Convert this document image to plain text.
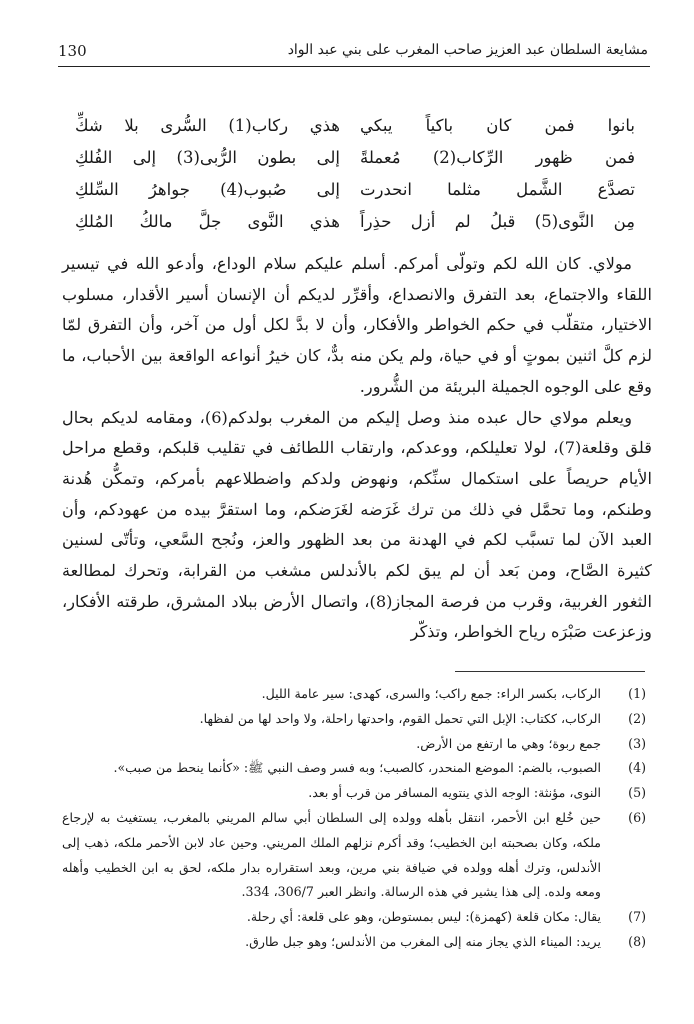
مشايعة السلطان عبد العزيز صاحب المغرب على بني عبد الواد
130
بانوا فمن كان باكياً يبكي
هذي ركاب(1) السُّرى بلا شكِّ
فمن ظهور الرِّكاب(2) مُعملةً
إلى بطون الرُّبى(3) إلى الفُلكِ
تصدَّع الشَّمل مثلما انحدرت
إلى صُبوب(4) جواهرُ السِّلكِ
مِن النَّوى(5) قبلُ لم أزل حذِراً
هذي النَّوى جلَّ مالكُ المُلكِ

مولاي. كان الله لكم وتولّى أمركم. أسلم عليكم سلام الوداع، وأدعو الله في تيسير اللقاء والاجتماع، بعد التفرق والانصداع، وأقرِّر لديكم أن الإنسان أسير الأقدار، مسلوب الاختيار، متقلّب في حكم الخواطر والأفكار، وأن لا بدَّ لكل أول من آخر، وأن التفرق لمّا لزم كلَّ اثنين بموتٍ أو في حياة، ولم يكن منه بدٌّ، كان خيرُ أنواعه الواقعة بين الأحباب، ما وقع على الوجوه الجميلة البريئة من الشُّرور.

ويعلم مولاي حال عبده منذ وصل إليكم من المغرب بولدكم(6)، ومقامه لديكم بحال قلق وقلعة(7)، لولا تعليلكم، ووعدكم، وارتقاب اللطائف في تقليب قلبكم، وقطع مراحل الأيام حريصاً على استكمال سنِّكم، ونهوض ولدكم واضطلاعهم بأمركم، وتمكُّن هُدنة وطنكم، وما تحمَّل في ذلك من ترك غَرَضه لغَرَضكم، وما استقرَّ بيده من عهودكم، وأن العبد الآن لما تسبَّب لكم في الهدنة من بعد الظهور والعز، ونُجح السَّعي، وتأتّى لسنين كثيرة الصَّاح، ومن بَعد أن لم يبق لكم بالأندلس مشغب من القرابة، وتحرك لمطالعة الثغور الغربية، وقرب من فرصة المجاز(8)، واتصال الأرض ببلاد المشرق، طرقته الأفكار، وزعزعت صَبْرَه رياح الخواطر، وتذكّر

(1)
الركاب، بكسر الراء: جمع راكب؛ والسرى، كهدى: سير عامة الليل.
(2)
الركاب، ككتاب: الإبل التي تحمل القوم، واحدتها راحلة، ولا واحد لها من لفظها.
(3)
جمع ربوة؛ وهي ما ارتفع من الأرض.
(4)
الصبوب، بالضم: الموضع المنحدر، كالصبب؛ وبه فسر وصف النبي ﷺ: «كأنما ينحط من صبب».
(5)
النوى، مؤنثة: الوجه الذي ينتويه المسافر من قرب أو بعد.
(6)
حين خُلع ابن الأحمر، انتقل بأهله وولده إلى السلطان أبي سالم المريني بالمغرب، يستغيث به لإرجاع ملكه، وكان بصحبته ابن الخطيب؛ وقد أكرم نزلهم الملك المريني. وحين عاد لابن الأحمر ملكه، ذهب إلى الأندلس، وترك أهله وولده في ضيافة بني مرين، وبعد استقراره بدار ملكه، لحق به ابن الخطيب وأهله ومعه ولده. إلى هذا يشير في هذه الرسالة. وانظر العبر 306/7، 334.
(7)
يقال: مكان قلعة (كهمزة): ليس بمستوطن، وهو على قلعة: أي رحلة.
(8)
يريد: الميناء الذي يجاز منه إلى المغرب من الأندلس؛ وهو جبل طارق.
